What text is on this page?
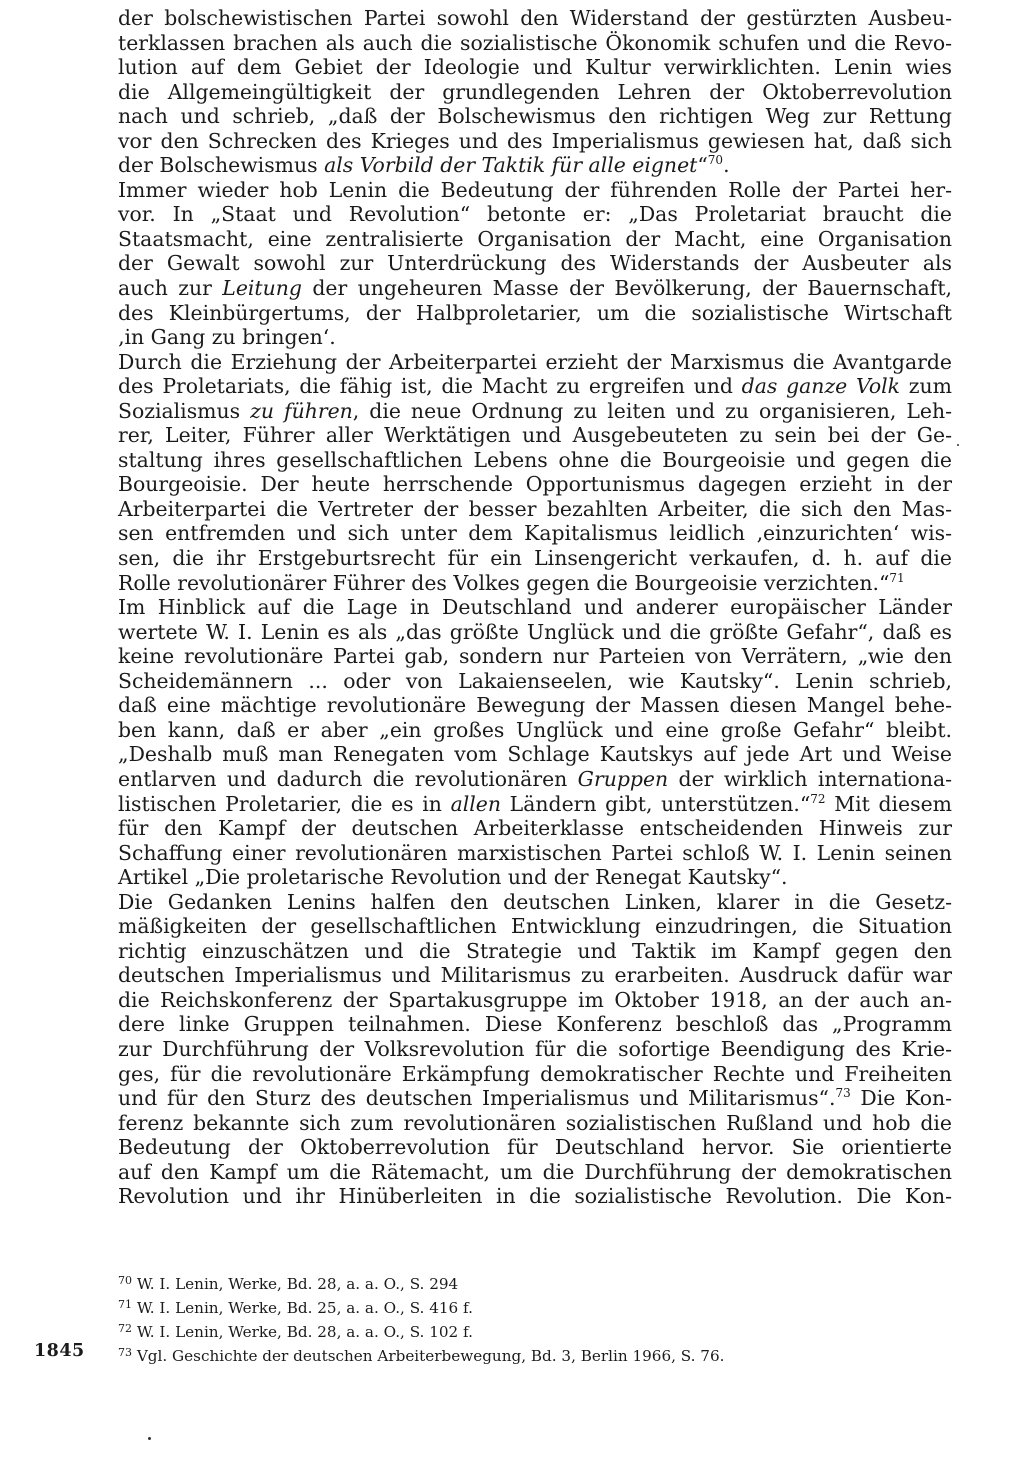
der bolschewistischen Partei sowohl den Widerstand der gestürzten Ausbeu-
terklassen brachen als auch die sozialistische Ökonomik schufen und die Revo-
lution auf dem Gebiet der Ideologie und Kultur verwirklichten. Lenin wies
die Allgemeingültigkeit der grundlegenden Lehren der Oktoberrevolution
nach und schrieb, „daß der Bolschewismus den richtigen Weg zur Rettung
vor den Schrecken des Krieges und des Imperialismus gewiesen hat, daß sich
der Bolschewismus als Vorbild der Taktik für alle eignet“$^{70}$.
Immer wieder hob Lenin die Bedeutung der führenden Rolle der Partei her-
vor. In „Staat und Revolution“ betonte er: „Das Proletariat braucht die
Staatsmacht, eine zentralisierte Organisation der Macht, eine Organisation
der Gewalt sowohl zur Unterdrückung des Widerstands der Ausbeuter als
auch zur Leitung der ungeheuren Masse der Bevölkerung, der Bauernschaft,
des Kleinbürgertums, der Halbproletarier, um die sozialistische Wirtschaft
‚in Gang zu bringen‘.
Durch die Erziehung der Arbeiterpartei erzieht der Marxismus die Avantgarde
des Proletariats, die fähig ist, die Macht zu ergreifen und das ganze Volk zum
Sozialismus zu führen, die neue Ordnung zu leiten und zu organisieren, Leh-
rer, Leiter, Führer aller Werktätigen und Ausgebeuteten zu sein bei der Ge-
staltung ihres gesellschaftlichen Lebens ohne die Bourgeoisie und gegen die
Bourgeoisie. Der heute herrschende Opportunismus dagegen erzieht in der
Arbeiterpartei die Vertreter der besser bezahlten Arbeiter, die sich den Mas-
sen entfremden und sich unter dem Kapitalismus leidlich ‚einzurichten‘ wis-
sen, die ihr Erstgeburtsrecht für ein Linsengericht verkaufen, d. h. auf die
Rolle revolutionärer Führer des Volkes gegen die Bourgeoisie verzichten.“$^{71}$
Im Hinblick auf die Lage in Deutschland und anderer europäischer Länder
wertete W. I. Lenin es als „das größte Unglück und die größte Gefahr“, daß es
keine revolutionäre Partei gab, sondern nur Parteien von Verrätern, „wie den
Scheidemännern ... oder von Lakaienseelen, wie Kautsky“. Lenin schrieb,
daß eine mächtige revolutionäre Bewegung der Massen diesen Mangel behe-
ben kann, daß er aber „ein großes Unglück und eine große Gefahr“ bleibt.
„Deshalb muß man Renegaten vom Schlage Kautskys auf jede Art und Weise
entlarven und dadurch die revolutionären Gruppen der wirklich internationa-
listischen Proletarier, die es in allen Ländern gibt, unterstützen.“$^{72}$ Mit diesem
für den Kampf der deutschen Arbeiterklasse entscheidenden Hinweis zur
Schaffung einer revolutionären marxistischen Partei schloß W. I. Lenin seinen
Artikel „Die proletarische Revolution und der Renegat Kautsky“.
Die Gedanken Lenins halfen den deutschen Linken, klarer in die Gesetz-
mäßigkeiten der gesellschaftlichen Entwicklung einzudringen, die Situation
richtig einzuschätzen und die Strategie und Taktik im Kampf gegen den
deutschen Imperialismus und Militarismus zu erarbeiten. Ausdruck dafür war
die Reichskonferenz der Spartakusgruppe im Oktober 1918, an der auch an-
dere linke Gruppen teilnahmen. Diese Konferenz beschloß das „Programm
zur Durchführung der Volksrevolution für die sofortige Beendigung des Krie-
ges, für die revolutionäre Erkämpfung demokratischer Rechte und Freiheiten
und für den Sturz des deutschen Imperialismus und Militarismus“.$^{73}$ Die Kon-
ferenz bekannte sich zum revolutionären sozialistischen Rußland und hob die
Bedeutung der Oktoberrevolution für Deutschland hervor. Sie orientierte
auf den Kampf um die Rätemacht, um die Durchführung der demokratischen
Revolution und ihr Hinüberleiten in die sozialistische Revolution. Die Kon-
$^{70}$ W. I. Lenin, Werke, Bd. 28, a. a. O., S. 294
$^{71}$ W. I. Lenin, Werke, Bd. 25, a. a. O., S. 416 f.
$^{72}$ W. I. Lenin, Werke, Bd. 28, a. a. O., S. 102 f.
$^{73}$ Vgl. Geschichte der deutschen Arbeiterbewegung, Bd. 3, Berlin 1966, S. 76.
1845
